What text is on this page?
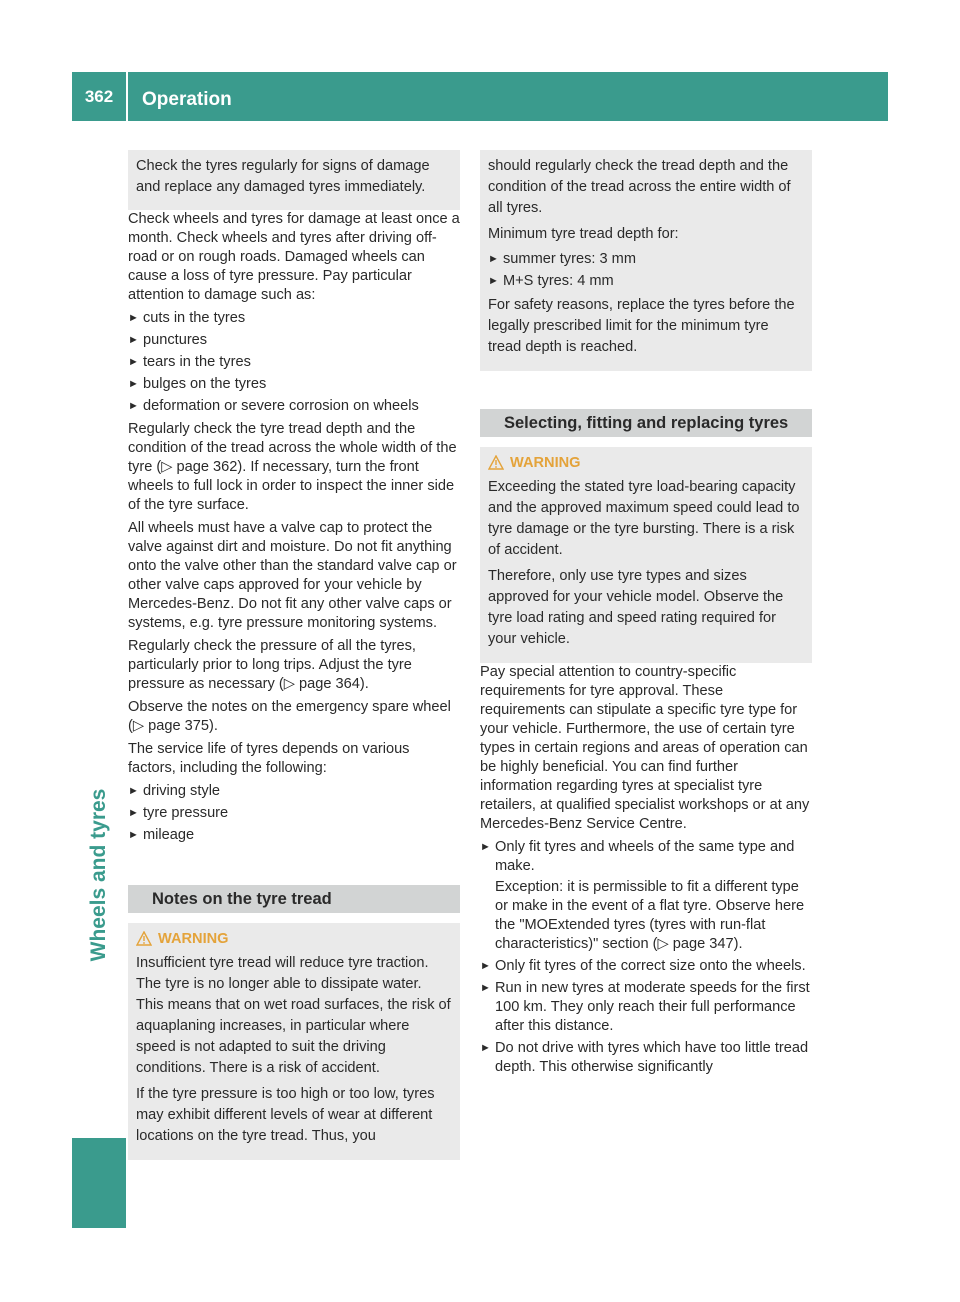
362	Operation
Wheels and tyres

Check the tyres regularly for signs of damage and replace any damaged tyres immediately.

Check wheels and tyres for damage at least once a month. Check wheels and tyres after driving off-road or on rough roads. Damaged wheels can cause a loss of tyre pressure. Pay particular attention to damage such as:

► cuts in the tyres
► punctures
► tears in the tyres
► bulges on the tyres
► deformation or severe corrosion on wheels

Regularly check the tyre tread depth and the condition of the tread across the whole width of the tyre (▷ page 362). If necessary, turn the front wheels to full lock in order to inspect the inner side of the tyre surface.

All wheels must have a valve cap to protect the valve against dirt and moisture. Do not fit anything onto the valve other than the standard valve cap or other valve caps approved for your vehicle by Mercedes-Benz. Do not fit any other valve caps or systems, e.g. tyre pressure monitoring systems.

Regularly check the pressure of all the tyres, particularly prior to long trips. Adjust the tyre pressure as necessary (▷ page 364).

Observe the notes on the emergency spare wheel (▷ page 375).

The service life of tyres depends on various factors, including the following:

► driving style
► tyre pressure
► mileage
Notes on the tyre tread
WARNING

Insufficient tyre tread will reduce tyre traction. The tyre is no longer able to dissipate water. This means that on wet road surfaces, the risk of aquaplaning increases, in particular where speed is not adapted to suit the driving conditions. There is a risk of accident.

If the tyre pressure is too high or too low, tyres may exhibit different levels of wear at different locations on the tyre tread. Thus, you

should regularly check the tread depth and the condition of the tread across the entire width of all tyres.

Minimum tyre tread depth for:

► summer tyres: 3 mm
► M+S tyres: 4 mm

For safety reasons, replace the tyres before the legally prescribed limit for the minimum tyre tread depth is reached.

Selecting, fitting and replacing tyres
WARNING

Exceeding the stated tyre load-bearing capacity and the approved maximum speed could lead to tyre damage or the tyre bursting. There is a risk of accident.

Therefore, only use tyre types and sizes approved for your vehicle model. Observe the tyre load rating and speed rating required for your vehicle.

Pay special attention to country-specific requirements for tyre approval. These requirements can stipulate a specific tyre type for your vehicle. Furthermore, the use of certain tyre types in certain regions and areas of operation can be highly beneficial. You can find further information regarding tyres at specialist tyre retailers, at qualified specialist workshops or at any Mercedes-Benz Service Centre.

► Only fit tyres and wheels of the same type and make.
Exception: it is permissible to fit a different type or make in the event of a flat tyre. Observe here the "MOExtended tyres (tyres with run-flat characteristics)" section (▷ page 347).
► Only fit tyres of the correct size onto the wheels.
► Run in new tyres at moderate speeds for the first 100 km. They only reach their full performance after this distance.
► Do not drive with tyres which have too little tread depth. This otherwise significantly
